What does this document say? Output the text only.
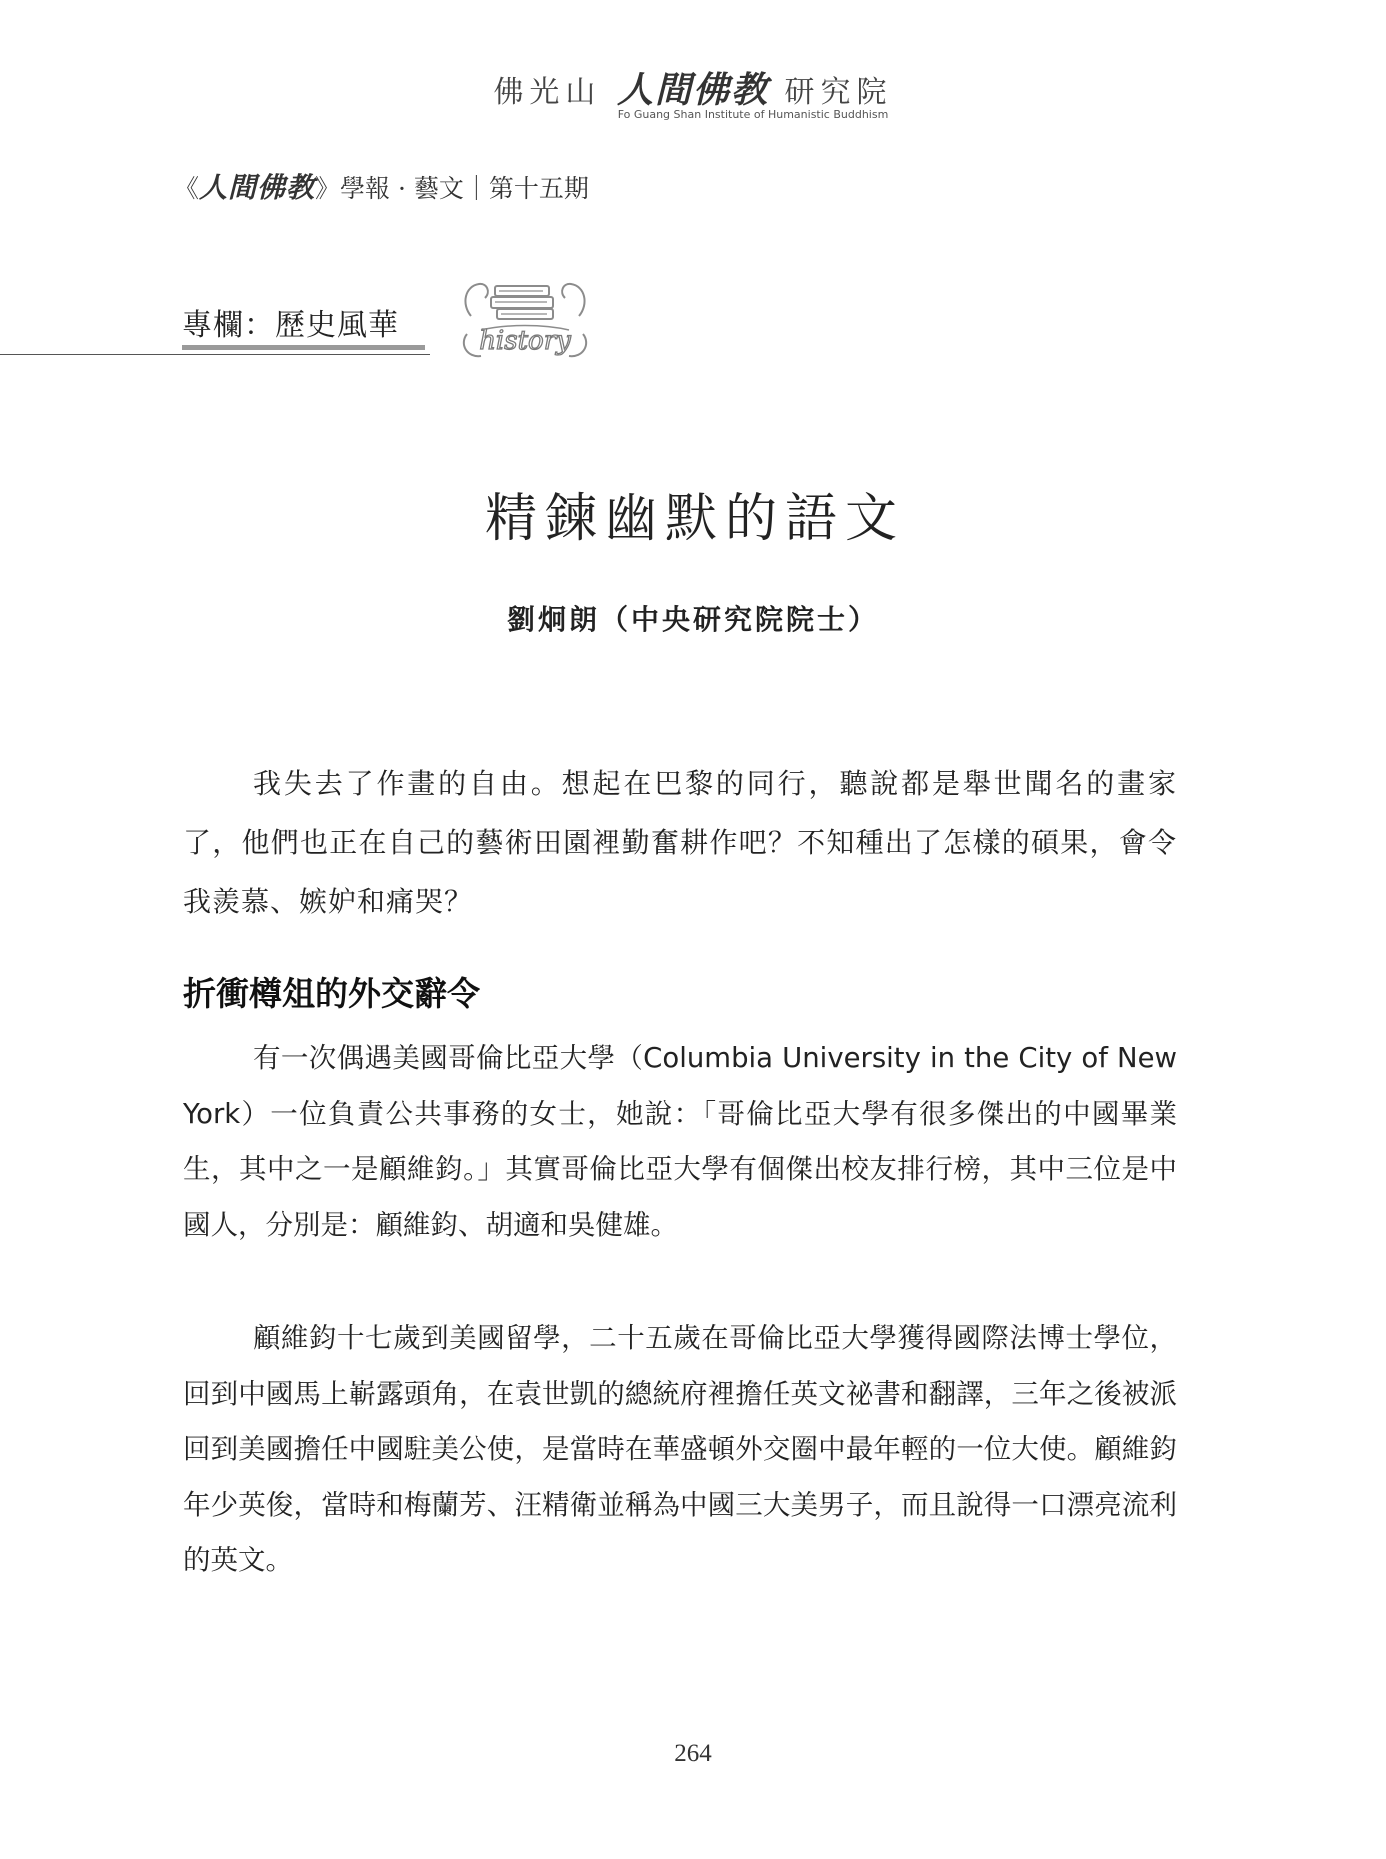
佛光山 人間佛教 研究院
Fo Guang Shan Institute of Humanistic Buddhism
《人間佛教》學報 · 藝文｜第十五期
專欄：歷史風華	history
精鍊幽默的語文
劉炯朗（中央研究院院士）

我失去了作畫的自由。想起在巴黎的同行，聽說都是舉世聞名的畫家了，他們也正在自己的藝術田園裡勤奮耕作吧？不知種出了怎樣的碩果，會令我羨慕、嫉妒和痛哭？

折衝樽俎的外交辭令

有一次偶遇美國哥倫比亞大學（Columbia University in the City of New York）一位負責公共事務的女士，她說：「哥倫比亞大學有很多傑出的中國畢業生，其中之一是顧維鈞。」其實哥倫比亞大學有個傑出校友排行榜，其中三位是中國人，分別是：顧維鈞、胡適和吳健雄。

顧維鈞十七歲到美國留學，二十五歲在哥倫比亞大學獲得國際法博士學位，回到中國馬上嶄露頭角，在袁世凱的總統府裡擔任英文祕書和翻譯，三年之後被派回到美國擔任中國駐美公使，是當時在華盛頓外交圈中最年輕的一位大使。顧維鈞年少英俊，當時和梅蘭芳、汪精衛並稱為中國三大美男子，而且說得一口漂亮流利的英文。

264
